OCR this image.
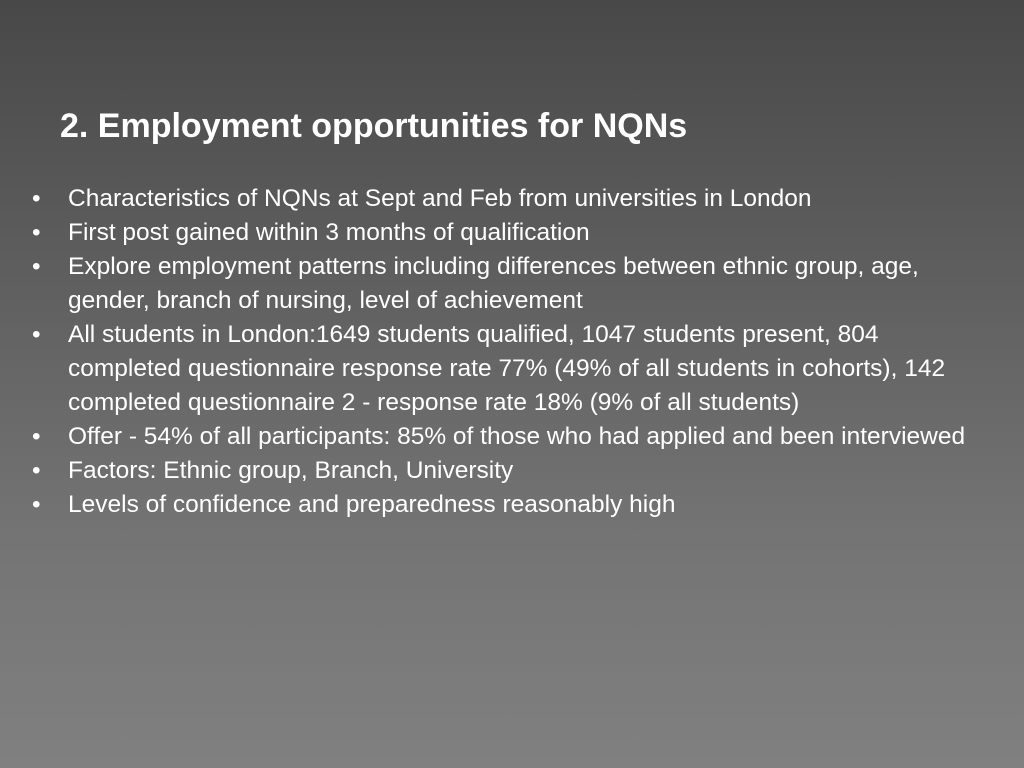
2. Employment opportunities for NQNs
•	Characteristics of NQNs at Sept and Feb from universities in London
•	First post gained within 3 months of qualification
•	Explore employment patterns including differences between ethnic group, age, gender, branch of nursing, level of achievement
•	All students in London:1649 students qualified, 1047 students present, 804 completed questionnaire response rate 77% (49% of all students in cohorts), 142 completed questionnaire 2 - response rate 18% (9% of all students)
•	Offer - 54% of all participants: 85% of those who had applied and been interviewed
•	Factors: Ethnic group, Branch, University
•	Levels of confidence and preparedness reasonably high
